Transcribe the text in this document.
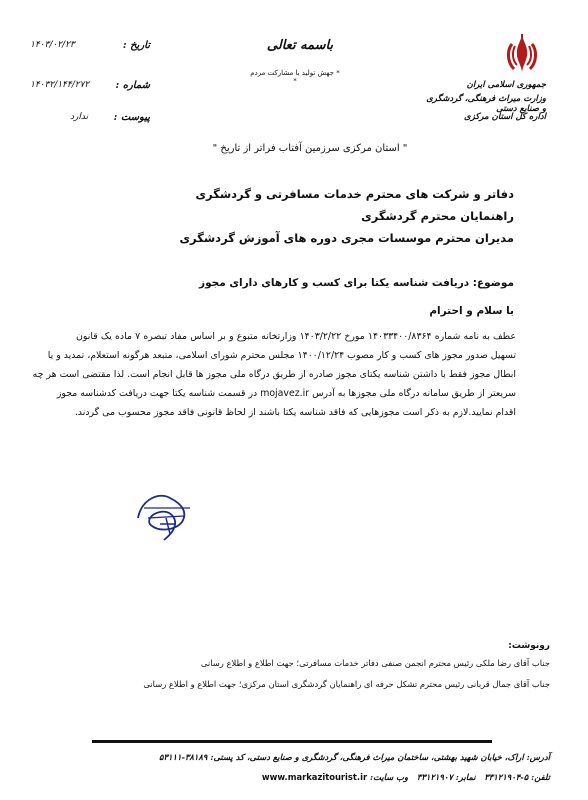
باسمه تعالی
* جهش تولید با مشارکت مردم *
تاریخ :
۱۴۰۳/۰۲/۲۳
شماره :
۱۴۰۳۲/۱۴۴/۲۷۲
پیوست :
ندارد
جمهوری اسلامی ایران
وزارت میراث فرهنگی، گردشگری و صنایع دستی
اداره کل استان مرکزی
" استان مرکزی سرزمین آفتاب فراتر از تاریخ "
دفاتر و شرکت های محترم خدمات مسافرتی و گردشگری
راهنمایان محترم گردشگری
مدیران محترم موسسات مجری دوره های آموزش گردشگری
موضوع: دریافت شناسه یکتا برای کسب و کارهای دارای مجوز
با سلام و احترام
عطف به نامه شماره ۱۴۰۳۳۴۰۰/۸۳۶۴ مورخ ۱۴۰۳/۲/۲۲ وزارتخانه متبوع و بر اساس مفاد تبصره ۷ ماده یک قانون
تسهیل صدور مجوز های کسب و کار مصوب ۱۴۰۰/۱۲/۲۴ مجلس محترم شورای اسلامی، متبعد هرگونه استعلام، تمدید و یا
ابطال مجوز فقط با داشتن شناسه یکتای مجوز صادره از طریق درگاه ملی مجوز ها قابل انجام است. لذا مقتضی است هر چه
سریعتر از طریق سامانه درگاه ملی مجوزها به آدرس mojavez.ir در قسمت شناسه یکتا جهت دریافت کدشناسه مجوز
اقدام نمایید.لازم به ذکر است مجوزهایی که فاقد شناسه یکتا باشند از لحاظ قانونی فاقد مجوز محسوب می گردند.
رونوشت:
جناب آقای رضا ملکی رئیس محترم انجمن صنفی دفاتر خدمات مسافرتی؛ جهت اطلاع و اطلاع رسانی
جناب آقای جمال قربانی رئیس محترم تشکل حرفه ای راهنمایان گردشگری استان مرکزی؛ جهت اطلاع و اطلاع رسانی
آدرس: اراک، خیابان شهید بهشتی، ساختمان میراث فرهنگی، گردشگری و صنایع دستی، کد پستی: ۳۸۱۸۹-۵۳۱۱۱
تلفن: ۵-۳۳۱۲۱۹۰۴   نمابر: ۳۳۱۲۱۹۰۷   وب سایت: www.markazitourist.ir
